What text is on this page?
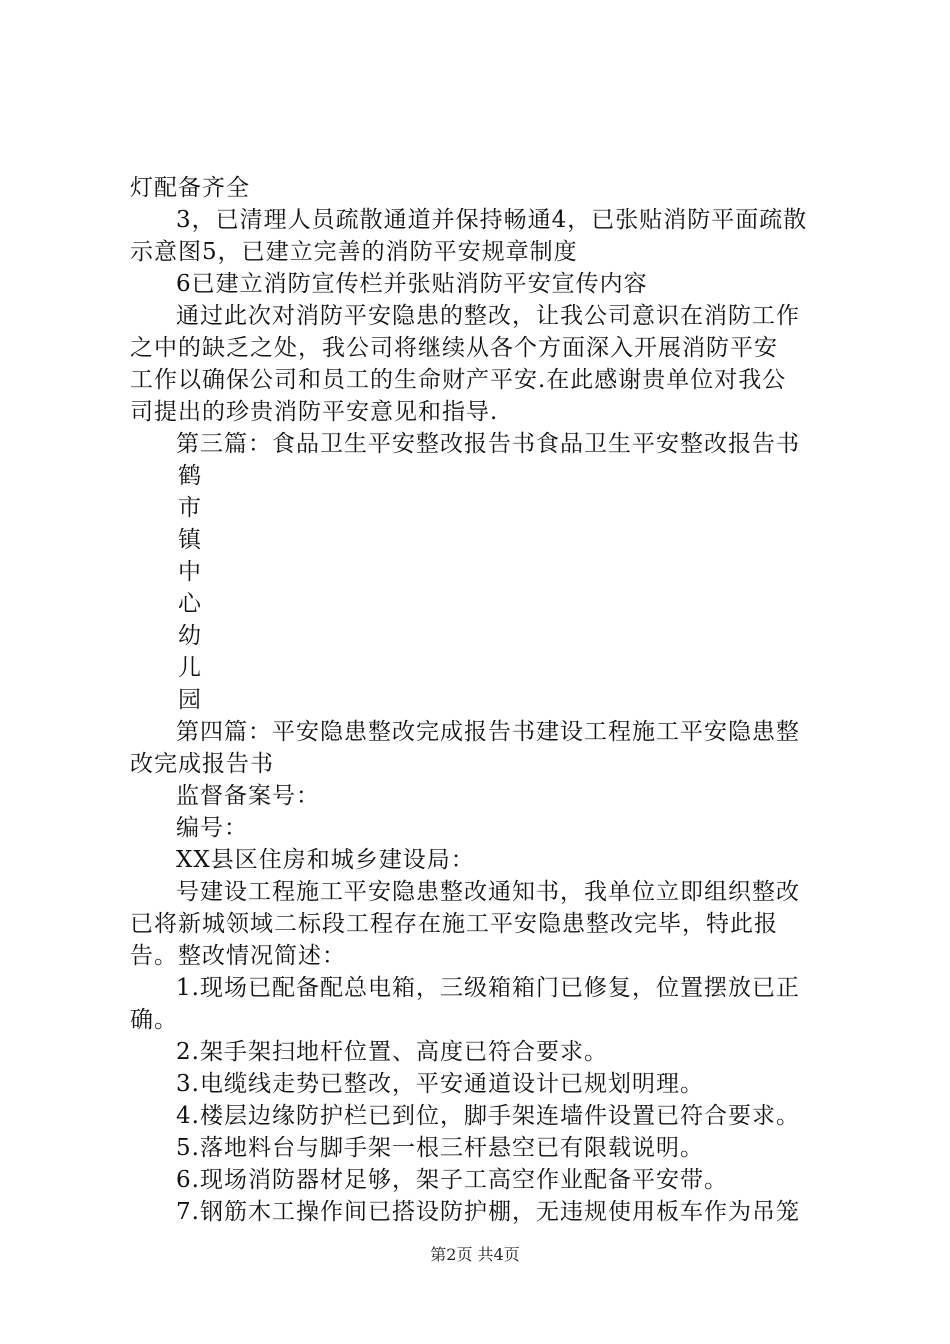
灯配备齐全
3，已清理人员疏散通道并保持畅通4，已张贴消防平面疏散
示意图5，已建立完善的消防平安规章制度
6已建立消防宣传栏并张贴消防平安宣传内容
通过此次对消防平安隐患的整改，让我公司意识在消防工作
之中的缺乏之处，我公司将继续从各个方面深入开展消防平安
工作以确保公司和员工的生命财产平安.在此感谢贵单位对我公
司提出的珍贵消防平安意见和指导.
第三篇：食品卫生平安整改报告书食品卫生平安整改报告书
鹤
市
镇
中
心
幼
儿
园
第四篇：平安隐患整改完成报告书建设工程施工平安隐患整
改完成报告书
监督备案号：
编号：
XX县区住房和城乡建设局：
号建设工程施工平安隐患整改通知书，我单位立即组织整改
已将新城领域二标段工程存在施工平安隐患整改完毕，特此报
告。整改情况简述：
1.现场已配备配总电箱，三级箱箱门已修复，位置摆放已正
确。
2.架手架扫地杆位置、高度已符合要求。
3.电缆线走势已整改，平安通道设计已规划明理。
4.楼层边缘防护栏已到位，脚手架连墙件设置已符合要求。
5.落地料台与脚手架一根三杆悬空已有限载说明。
6.现场消防器材足够，架子工高空作业配备平安带。
7.钢筋木工操作间已搭设防护棚，无违规使用板车作为吊笼
第2页 共4页
